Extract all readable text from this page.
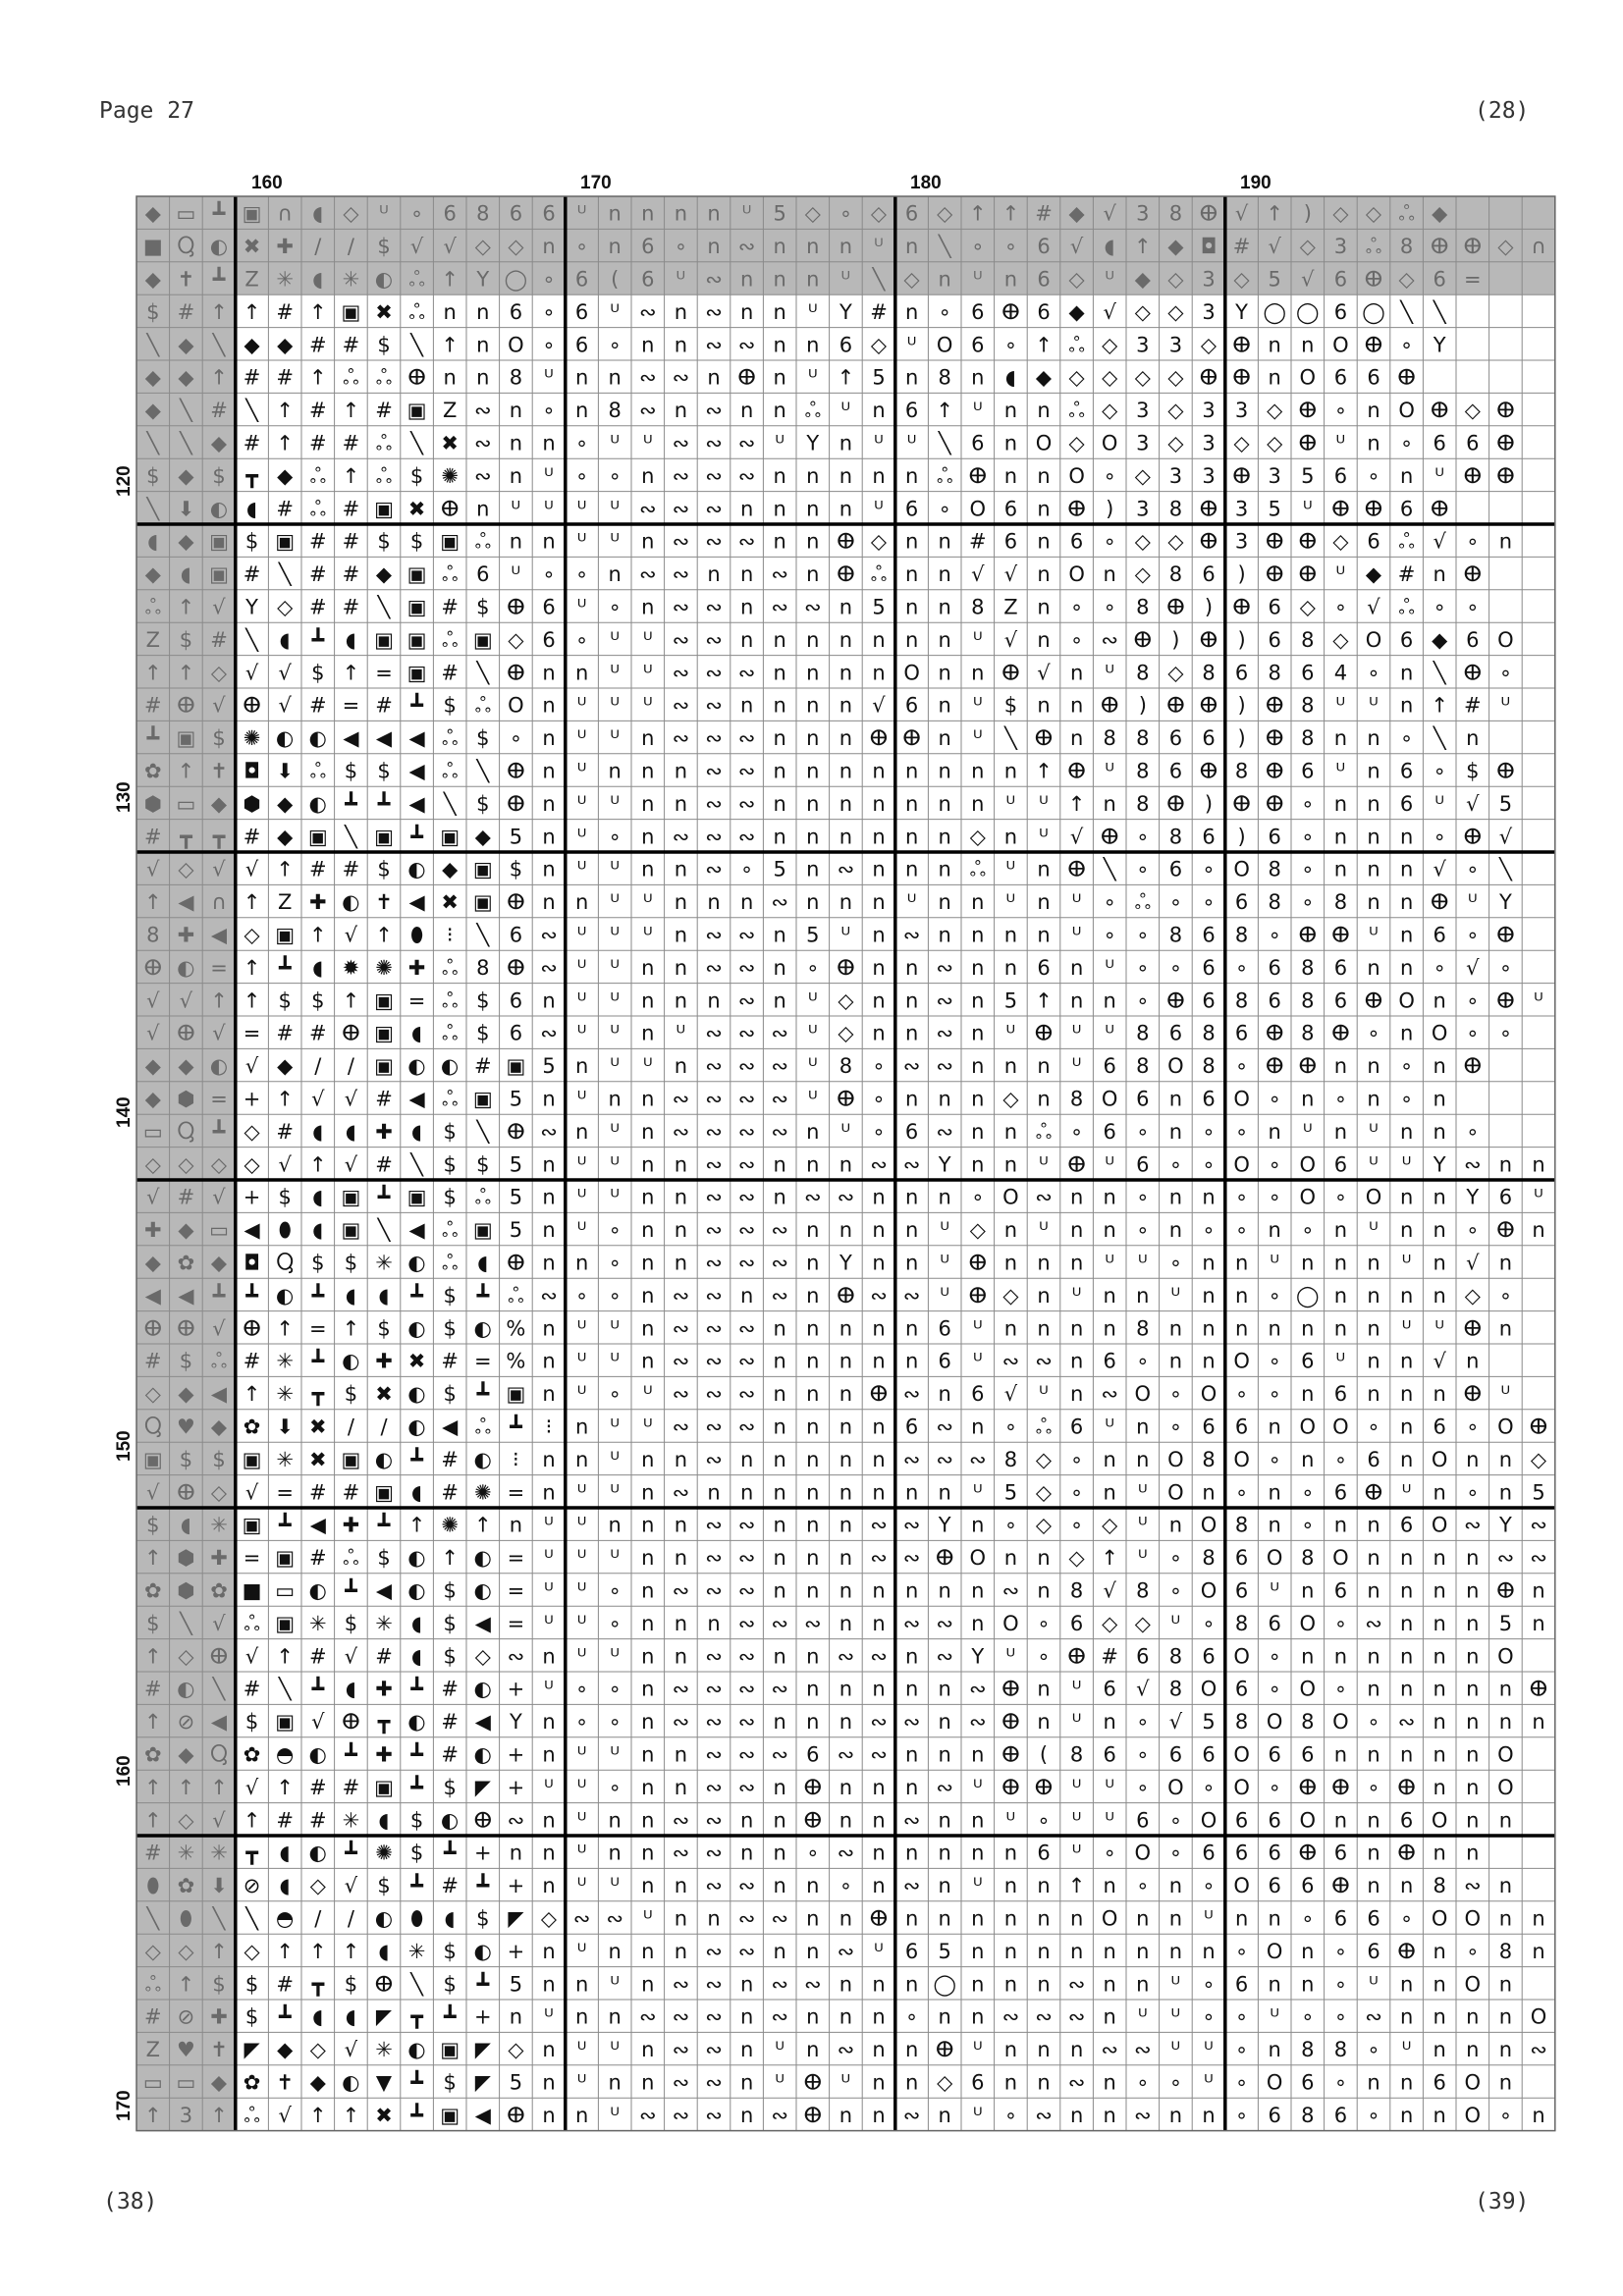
Page 27	(28)
(38)	(39)
160	170	180	190
120
130
140
150
160
170
◆ ▭ ┻ ▣ ∩ ◖ ◇ ᵁ ∘ 6 8 6 6 ᵁ n n n n ᵁ 5 ◇ ∘ ◇ 6 ◇ ↑ ↑ # ◆ √ 3 8 ⴲ √ ↑ ) ◇ ◇ ஃ ◆
■ Ⴓ ◐ ✖ ✚ / / $ √ √ ◇ ◇ n ∘ n 6 ∘ n ∾ n n n ᵁ n ╲ ∘ ∘ 6 √ ◖ ↑ ◆ ◘ # √ ◇ 3 ஃ 8 ⴲ ⴲ ◇ ∩
◆ ✝ ┻ Z ✳ ◖ ✳ ◐ ஃ ↑ Y ◯ ∘ 6 ( 6 ᵁ ∾ n n n ᵁ ╲ ◇ n ᵁ n 6 ◇ ᵁ ◆ ◇ 3 ◇ 5 √ 6 ⴲ ◇ 6 =
$ # ↑ ↑ # ↑ ▣ ✖ ஃ n n 6 ∘ 6 ᵁ ∾ n ∾ n n ᵁ Y # n ∘ 6 ⴲ 6 ◆ √ ◇ ◇ 3 Y ◯ ◯ 6 ◯ ╲ ╲
╲ ◆ ╲ ◆ ◆ # # $ ╲ ↑ n O ∘ 6 ∘ n n ∾ ∾ n n 6 ◇ ᵁ O 6 ∘ ↑ ஃ ◇ 3 3 ◇ ⴲ n n O ⴲ ∘ Y
◆ ◆ ↑ # # ↑ ஃ ஃ ⴲ n n 8 ᵁ n n ∾ ∾ n ⴲ n ᵁ ↑ 5 n 8 n ◖ ◆ ◇ ◇ ◇ ◇ ⴲ ⴲ n O 6 6 ⴲ
◆ ╲ # ╲ ↑ # ↑ # ▣ Z ∾ n ∘ n 8 ∾ n ∾ n n ஃ ᵁ n 6 ↑ ᵁ n n ஃ ◇ 3 ◇ 3 3 ◇ ⴲ ∘ n O ⴲ ◇ ⴲ
╲ ╲ ◆ # ↑ # # ஃ ╲ ✖ ∾ n n ∘ ᵁ ᵁ ∾ ∾ ∾ ᵁ Y n ᵁ ᵁ ╲ 6 n O ◇ O 3 ◇ 3 ◇ ◇ ⴲ ᵁ n ∘ 6 6 ⴲ
$ ◆ $ ┳ ◆ ஃ ↑ ஃ $ ✺ ∾ n ᵁ ∘ ∘ n ∾ ∾ ∾ n n n n n ஃ ⴲ n n O ∘ ◇ 3 3 ⴲ 3 5 6 ∘ n ᵁ ⴲ ⴲ
╲ ⬇ ◐ ◖ # ஃ # ▣ ✖ ⴲ n ᵁ ᵁ ᵁ ᵁ ∾ ∾ ∾ n n n n ᵁ 6 ∘ O 6 n ⴲ ) 3 8 ⴲ 3 5 ᵁ ⴲ ⴲ 6 ⴲ
◖ ◆ ▣ $ ▣ # # $ $ ▣ ஃ n n ᵁ ᵁ n ∾ ∾ ∾ n n ⴲ ◇ n n # 6 n 6 ∘ ◇ ◇ ⴲ 3 ⴲ ⴲ ◇ 6 ஃ √ ∘ n
◆ ◖ ▣ # ╲ # # ◆ ▣ ஃ 6 ᵁ ∘ ∘ n ∾ ∾ n n ∾ n ⴲ ஃ n n √ √ n O n ◇ 8 6 ) ⴲ ⴲ ᵁ ◆ # n ⴲ
ஃ ↑ √ Y ◇ # # ╲ ▣ # $ ⴲ 6 ᵁ ∘ n ∾ ∾ n ∾ ∾ n 5 n n 8 Z n ∘ ∘ 8 ⴲ ) ⴲ 6 ◇ ∘ √ ஃ ∘ ∘
Z $ # ╲ ◖ ┻ ◖ ▣ ▣ ஃ ▣ ◇ 6 ∘ ᵁ ᵁ ∾ ∾ n n n n n n n ᵁ √ n ∘ ∾ ⴲ ) ⴲ ) 6 8 ◇ O 6 ◆ 6 O
↑ ↑ ◇ √ √ $ ↑ = ▣ # ╲ ⴲ n n ᵁ ᵁ ∾ ∾ ∾ n n n n O n n ⴲ √ n ᵁ 8 ◇ 8 6 8 6 4 ∘ n ╲ ⴲ ∘
# ⴲ √ ⴲ √ # = # ┻ $ ஃ O n ᵁ ᵁ ᵁ ∾ ∾ n n n n √ 6 n ᵁ $ n n ⴲ ) ⴲ ⴲ ) ⴲ 8 ᵁ ᵁ n ↑ # ᵁ
┻ ▣ $ ✺ ◐ ◐ ◀ ◀ ◀ ஃ $ ∘ n ᵁ ᵁ n ∾ ∾ ∾ n n n ⴲ ⴲ n ᵁ ╲ ⴲ n 8 8 6 6 ) ⴲ 8 n n ∘ ╲ n
✿ ↑ ✝ ◘ ⬇ ஃ $ $ ◀ ஃ ╲ ⴲ n ᵁ n n n ∾ ∾ n n n n n n n n ↑ ⴲ ᵁ 8 6 ⴲ 8 ⴲ 6 ᵁ n 6 ∘ $ ⴲ
⬢ ▭ ◆ ⬢ ◆ ◐ ┻ ┻ ◀ ╲ $ ⴲ n ᵁ ᵁ n n ∾ ∾ n n n n n n n ᵁ ᵁ ↑ n 8 ⴲ ) ⴲ ⴲ ∘ n n 6 ᵁ √ 5
# ┳ ┳ # ◆ ▣ ╲ ▣ ┻ ▣ ◆ 5 n ᵁ ∘ n ∾ ∾ ∾ n n n n n n ◇ n ᵁ √ ⴲ ∘ 8 6 ) 6 ∘ n n n ∘ ⴲ √
√ ◇ √ √ ↑ # # $ ◐ ◆ ▣ $ n ᵁ ᵁ n n ∾ ∘ 5 n ∾ n n n ஃ ᵁ n ⴲ ╲ ∘ 6 ∘ O 8 ∘ n n n √ ∘ ╲
↑ ◀ ∩ ↑ Z ✚ ◐ ✝ ◀ ✖ ▣ ⴲ n n ᵁ ᵁ n n n ∾ n n n ᵁ n n ᵁ n ᵁ ∘ ஃ ∘ ∘ 6 8 ∘ 8 n n ⴲ ᵁ Y
8 ✚ ◀ ◇ ▣ ↑ √ ↑ ⬮ ⁝ ╲ 6 ∾ ᵁ ᵁ ᵁ n ∾ ∾ n 5 ᵁ n ∾ n n n n ᵁ ∘ ∘ 8 6 8 ∘ ⴲ ⴲ ᵁ n 6 ∘ ⴲ
ⴲ ◐ = ↑ ┻ ◖ ✹ ✺ ✚ ஃ 8 ⴲ ∾ ᵁ ᵁ n n ∾ ∾ n ∘ ⴲ n n ∾ n n 6 n ᵁ ∘ ∘ 6 ∘ 6 8 6 n n ∘ √ ∘
√ √ ↑ ↑ $ $ ↑ ▣ = ஃ $ 6 n ᵁ ᵁ n n n ∾ n ᵁ ◇ n n ∾ n 5 ↑ n n ∘ ⴲ 6 8 6 8 6 ⴲ O n ∘ ⴲ ᵁ
√ ⴲ √ = # # ⴲ ▣ ◖ ஃ $ 6 ∾ ᵁ ᵁ n ᵁ ∾ ∾ ∾ ᵁ ◇ n n ∾ n ᵁ ⴲ ᵁ ᵁ 8 6 8 6 ⴲ 8 ⴲ ∘ n O ∘ ∘
◆ ◆ ◐ √ ◆ / / ▣ ◐ ◐ # ▣ 5 n ᵁ ᵁ n ∾ ∾ ∾ ᵁ 8 ∘ ∾ ∾ n n n ᵁ 6 8 O 8 ∘ ⴲ ⴲ n n ∘ n ⴲ
◆ ⬢ = + ↑ √ √ # ◀ ஃ ▣ 5 n ᵁ n n ∾ ∾ ∾ ∾ ᵁ ⴲ ∘ n n n ◇ n 8 O 6 n 6 O ∘ n ∘ n ∘ n
▭ Ⴓ ┻ ◇ # ◖ ◖ ✚ ◖ $ ╲ ⴲ ∾ n ᵁ n ∾ ∾ ∾ ∾ n ᵁ ∘ 6 ∾ n n ஃ ∘ 6 ∘ n ∘ ∘ n ᵁ n ᵁ n n ∘
◇ ◇ ◇ ◇ √ ↑ √ # ╲ $ $ 5 n ᵁ ᵁ n n ∾ ∾ n n n ∾ ∾ Y n n ᵁ ⴲ ᵁ 6 ∘ ∘ O ∘ O 6 ᵁ ᵁ Y ∾ n n
√ # √ + $ ◖ ▣ ┻ ▣ $ ஃ 5 n ᵁ ᵁ n n ∾ ∾ n ∾ ∾ n n n ∘ O ∾ n n ∘ n n ∘ ∘ O ∘ O n n Y 6 ᵁ
✚ ◆ ▭ ◀ ⬮ ◖ ▣ ╲ ◀ ஃ ▣ 5 n ᵁ ∘ n n ∾ ∾ ∾ n n n n ᵁ ◇ n ᵁ n n ∘ n ∘ ∘ n ∘ n ᵁ n n ∘ ⴲ n
◆ ✿ ◆ ◘ Ⴓ $ $ ✳ ◐ ஃ ◖ ⴲ n n ∘ n n ∾ ∾ ∾ n Y n n ᵁ ⴲ n n n ᵁ ᵁ ∘ n n ᵁ n n n ᵁ n √ n
◀ ◀ ┻ ┻ ◐ ┻ ◖ ◖ ┻ $ ┻ ஃ ∾ ∘ ∘ n ∾ ∾ n ∾ n ⴲ ∾ ∾ ᵁ ⴲ ◇ n ᵁ n n ᵁ n n ∘ ◯ n n n n ◇ ∘
ⴲ ⴲ √ ⴲ ↑ = ↑ $ ◐ $ ◐ % n ᵁ ᵁ n ∾ ∾ ∾ n n n n n 6 ᵁ n n n n 8 n n n n n n n ᵁ ᵁ ⴲ n
# $ ஃ # ✳ ┻ ◐ ✚ ✖ # = % n ᵁ ᵁ n ∾ ∾ ∾ n n n n n 6 ᵁ ∾ ∾ n 6 ∘ n n O ∘ 6 ᵁ n n √ n
◇ ◆ ◀ ↑ ✳ ┳ $ ✖ ◐ $ ┻ ▣ n ᵁ ∘ ᵁ ∾ ∾ ∾ n n n ⴲ ∾ n 6 √ ᵁ n ∾ O ∘ O ∘ ∘ n 6 n n n ⴲ ᵁ
Ⴓ ♥ ◆ ✿ ⬇ ✖ / / ◐ ◀ ஃ ┻ ⁝ n ᵁ ᵁ ∾ ∾ ∾ n n n n 6 ∾ n ∘ ஃ 6 ᵁ n ∘ 6 6 n O O ∘ n 6 ∘ O ⴲ
▣ $ $ ▣ ✳ ✖ ▣ ◐ ┻ # ◐ ⁝ n n ᵁ n n ∾ n n n n n ∾ ∾ ∾ 8 ◇ ∘ n n O 8 O ∘ n ∘ 6 n O n n ◇
√ ⴲ ◇ √ = # # ▣ ◖ # ✺ = n ᵁ ᵁ n ∾ n n n n n n n n ᵁ 5 ◇ ∘ n ᵁ O n ∘ n ∘ 6 ⴲ ᵁ n ∘ n 5
$ ◖ ✳ ▣ ┻ ◀ ✚ ┻ ↑ ✺ ↑ n ᵁ ᵁ n n n ∾ ∾ n n n ∾ ∾ Y n ∘ ◇ ∘ ◇ ᵁ n O 8 n ∘ n n 6 O ∾ Y ∾
↑ ⬢ ✚ = ▣ # ஃ $ ◐ ↑ ◐ = ᵁ ᵁ ᵁ n n ∾ ∾ n n n ∾ ∾ ⴲ O n n ◇ ↑ ᵁ ∘ 8 6 O 8 O n n n n ∾ ∾
✿ ⬢ ✿ ■ ▭ ◐ ┻ ◀ ◐ $ ◐ = ᵁ ᵁ ∘ n ∾ ∾ ∾ n n n n n n n ∾ n 8 √ 8 ∘ O 6 ᵁ n 6 n n n n ⴲ n
$ ╲ √ ஃ ▣ ✳ $ ✳ ◖ $ ◀ = ᵁ ᵁ ∘ n n n ∾ ∾ ∾ n n ∾ ∾ n O ∘ 6 ◇ ◇ ᵁ ∘ 8 6 O ∘ ∾ n n n 5 n
↑ ◇ ⴲ √ ↑ # √ # ◖ $ ◇ ∾ n ᵁ ᵁ n n ∾ ∾ n n ∾ ∾ n ∾ Y ᵁ ∘ ⴲ # 6 8 6 O ∘ n n n n n n O
# ◐ ╲ # ╲ ┻ ◖ ✚ ┻ # ◐ + ᵁ ∘ ∘ n ∾ ∾ ∾ ∾ n n n n n ∾ ⴲ n ᵁ 6 √ 8 O 6 ∘ O ∘ n n n n n ⴲ
↑ ⊘ ◀ $ ▣ √ ⴲ ┳ ◐ # ◀ Y n ∘ ∘ n ∾ ∾ ∾ n n n ∾ ∾ n ∾ ⴲ n ᵁ n ∘ √ 5 8 O 8 O ∘ ∾ n n n n
✿ ◆ Ⴓ ✿ ◓ ◐ ┻ ✚ ┻ # ◐ + n ᵁ ᵁ n n ∾ ∾ ∾ 6 ∾ ∾ n n n ⴲ ( 8 6 ∘ 6 6 O 6 6 n n n n n O
↑ ↑ ↑ √ ↑ # # ▣ ┻ $ ◤ + ᵁ ᵁ ∘ n n ∾ ∾ n ⴲ n n n ∾ ᵁ ⴲ ⴲ ᵁ ᵁ ∘ O ∘ O ∘ ⴲ ⴲ ∘ ⴲ n n O
↑ ◇ √ ↑ # # ✳ ◖ $ ◐ ⴲ ∾ n ᵁ n n ∾ ∾ n n ⴲ n n ∾ n n ᵁ ∘ ᵁ ᵁ 6 ∘ O 6 6 O n n 6 O n n
# ✳ ✳ ┳ ◖ ◐ ┻ ✺ $ ┻ + n n ᵁ n n ∾ ∾ n n ∘ ∾ n n n n n 6 ᵁ ∘ O ∘ 6 6 6 ⴲ 6 n ⴲ n n
⬮ ✿ ⬇ ⊘ ◖ ◇ √ $ ┻ # ┻ + n ᵁ ᵁ n n ∾ ∾ n n ∘ n ∾ n ᵁ n n ↑ n ∘ n ∘ O 6 6 ⴲ n n 8 ∾ n
╲ ⬮ ╲ ╲ ◓ / / ◐ ⬮ ◖ $ ◤ ◇ ∾ ∾ ᵁ n n ∾ ∾ n n ⴲ n n n n n n O n n ᵁ n n ∘ 6 6 ∘ O O n n
◇ ◇ ↑ ◇ ↑ ↑ ↑ ◖ ✳ $ ◐ + n ᵁ n n n ∾ ∾ n n ∾ ᵁ 6 5 n n n n n n n n ∘ O n ∘ 6 ⴲ n ∘ 8 n
ஃ ↑ $ $ # ┳ $ ⴲ ╲ $ ┻ 5 n n ᵁ n ∾ ∾ n ∾ ∾ n n n ◯ n n n ∾ n n ᵁ ∘ 6 n n ∘ ᵁ n n O n
# ⊘ ✚ $ ┻ ◖ ◖ ◤ ┳ ┻ + n ᵁ n n ∾ ∾ ∾ n ∾ n n n ∘ n n ∾ ∾ ∾ n ᵁ ᵁ ∘ ∘ ᵁ ∘ ∘ ∾ n n n n O
Z ♥ ✝ ◤ ◆ ◇ √ ✳ ◐ ▣ ◤ ◇ n ᵁ ᵁ n ∾ ∾ n ᵁ n ∾ n n ⴲ ᵁ n n n ∾ ∾ ᵁ ᵁ ∘ n 8 8 ∘ ᵁ n n n ∾
▭ ▭ ◆ ✿ ✝ ◆ ◐ ▼ ┻ $ ◤ 5 n ᵁ n n ∾ ∾ n ᵁ ⴲ ᵁ n n ◇ 6 n n ∾ n ∘ ∘ ᵁ ∘ O 6 ∘ n n 6 O n
↑ 3 ↑ ஃ √ ↑ ↑ ✖ ┻ ▣ ◀ ⴲ n n ᵁ ∾ ∾ ∾ n ∾ ⴲ n n ∾ n ᵁ ∘ ∾ n n ∾ n n ∘ 6 8 6 ∘ n n O ∘ n
